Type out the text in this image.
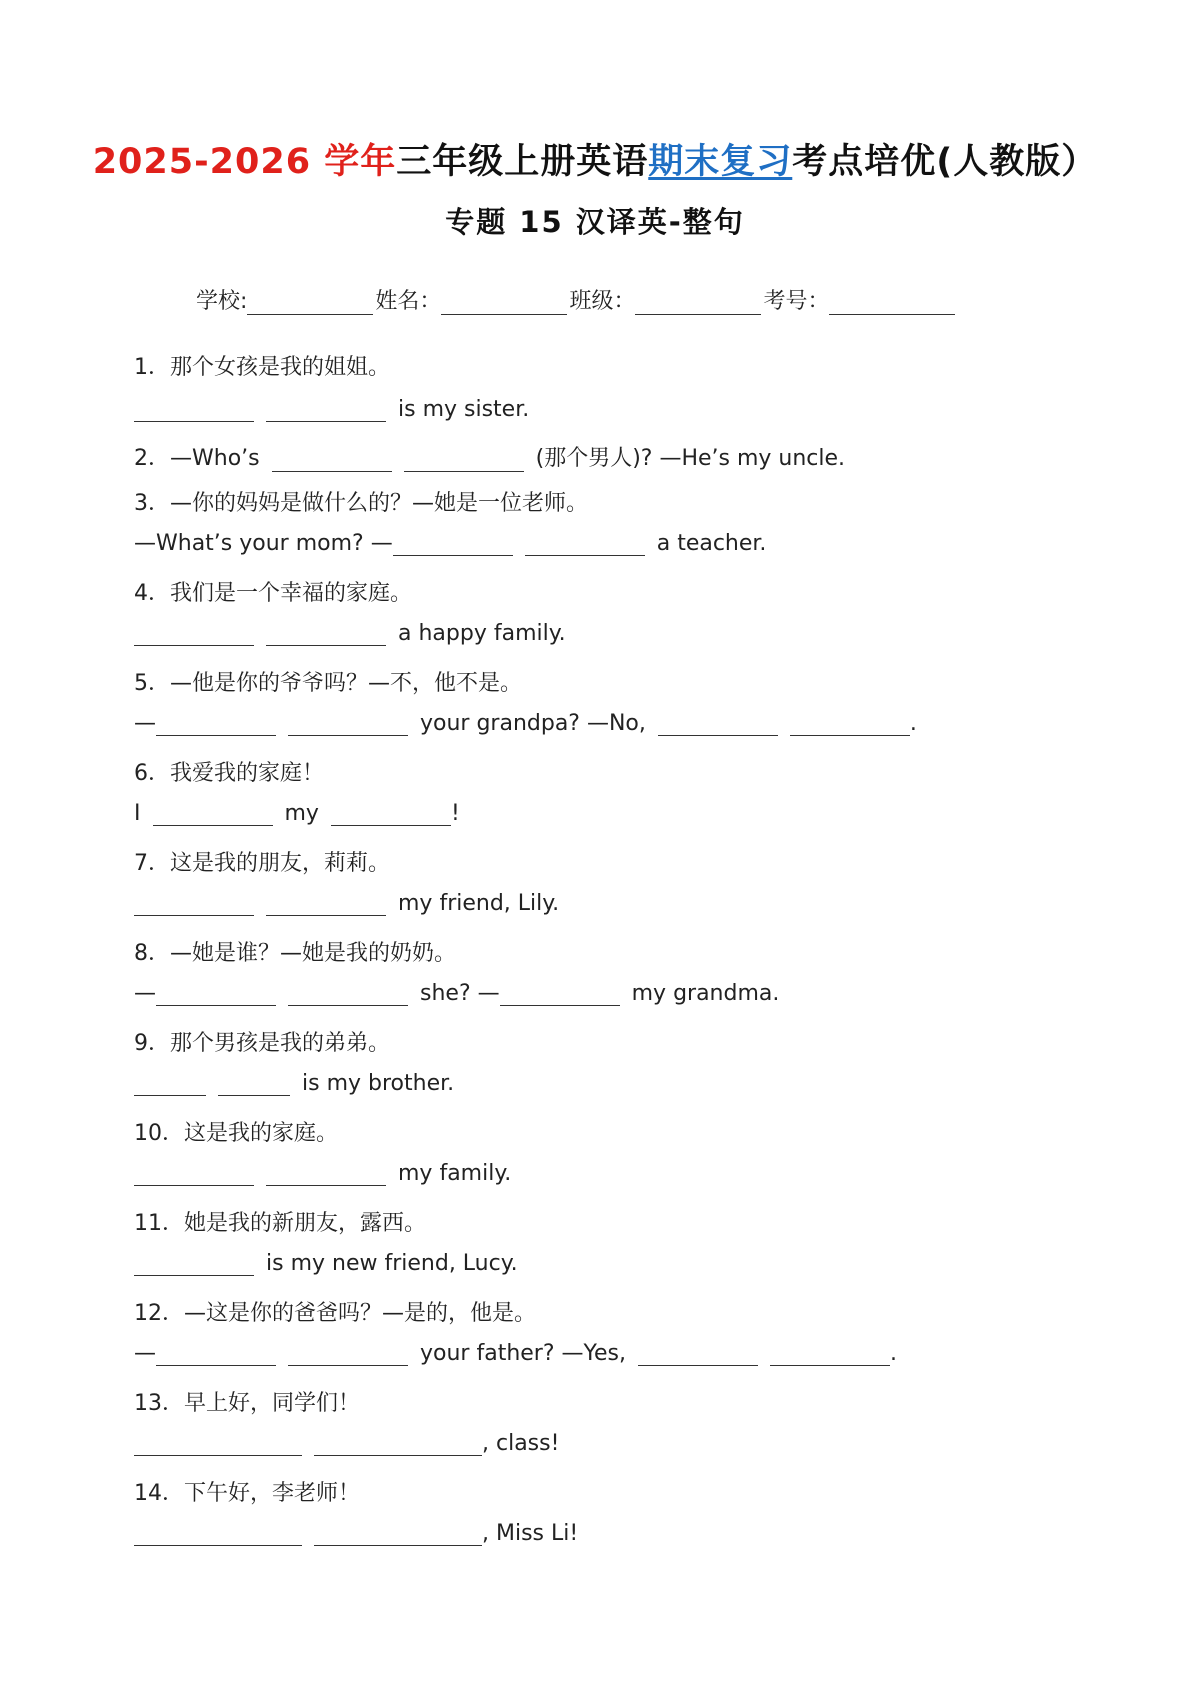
2025-2026 学年三年级上册英语期末复习考点培优(人教版）
专题 15 汉译英-整句
学校:	姓名：	班级：	考号：
1．那个女孩是我的姐姐。
is my sister.
2．—Who’s	(那个男人)? —He’s my uncle.
3．—你的妈妈是做什么的？—她是一位老师。
—What’s your mom? —	a teacher.
4．我们是一个幸福的家庭。
a happy family.
5．—他是你的爷爷吗？—不，他不是。
—	your grandpa? —No,	.
6．我爱我的家庭！
I	my	!
7．这是我的朋友，莉莉。
my friend, Lily.
8．—她是谁？—她是我的奶奶。
—	she? —	my grandma.
9．那个男孩是我的弟弟。
is my brother.
10．这是我的家庭。
my family.
11．她是我的新朋友，露西。
is my new friend, Lucy.
12．—这是你的爸爸吗？—是的，他是。
—	your father? —Yes,	.
13．早上好，同学们！
, class!
14．下午好，李老师！
, Miss Li!
